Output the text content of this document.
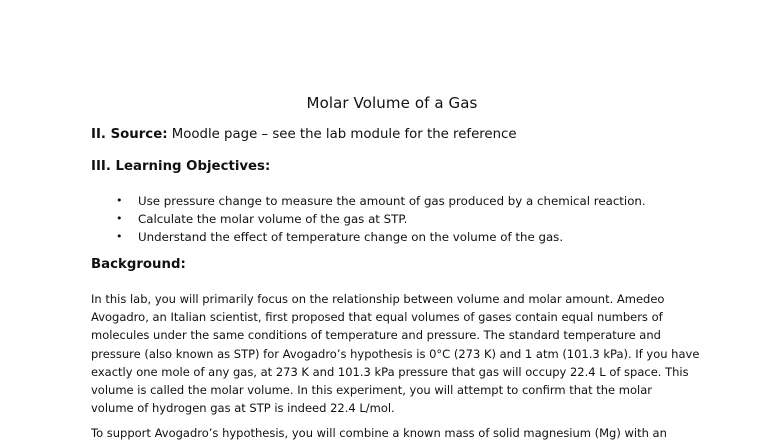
Molar Volume of a Gas
II. Source: Moodle page – see the lab module for the reference
III. Learning Objectives:
• Use pressure change to measure the amount of gas produced by a chemical reaction.
• Calculate the molar volume of the gas at STP.
• Understand the effect of temperature change on the volume of the gas.
Background:

In this lab, you will primarily focus on the relationship between volume and molar amount. Amedeo
Avogadro, an Italian scientist, first proposed that equal volumes of gases contain equal numbers of
molecules under the same conditions of temperature and pressure. The standard temperature and
pressure (also known as STP) for Avogadro’s hypothesis is 0°C (273 K) and 1 atm (101.3 kPa). If you have
exactly one mole of any gas, at 273 K and 101.3 kPa pressure that gas will occupy 22.4 L of space. This
volume is called the molar volume. In this experiment, you will attempt to confirm that the molar
volume of hydrogen gas at STP is indeed 22.4 L/mol.

To support Avogadro’s hypothesis, you will combine a known mass of solid magnesium (Mg) with an
